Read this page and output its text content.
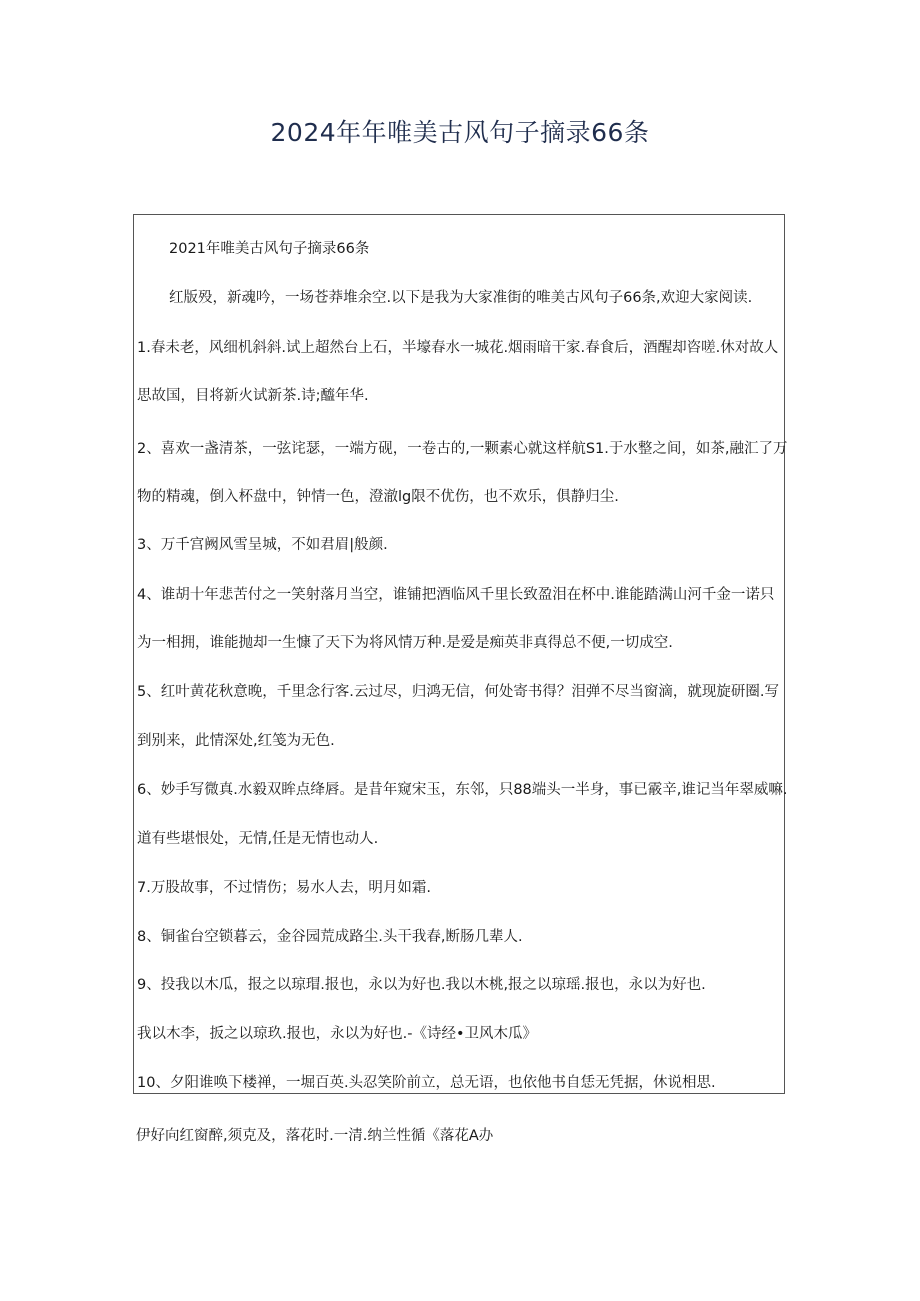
2024年年唯美古风句子摘录66条
2021年唯美古风句子摘录66条
红版殁，新魂吟，一场苍莽堆余空.以下是我为大家准街的唯美古风句子66条,欢迎大家阅读.
1.春未老，风细机斜斜.试上超然台上石，半壕春水一城花.烟雨暗干家.春食后，酒醒却咨嗟.休对故人
思故国，目将新火试新茶.诗;醯年华.
2、喜欢一盏清茶，一弦诧瑟，一端方砚，一卷古的,一颗素心就这样航S1.于水整之间，如茶,融汇了万
物的精魂，倒入杯盘中，钟情一色，澄澈lg限不优伤，也不欢乐，俱静归尘.
3、万千宫阙风雪呈城，不如君眉|般颜.
4、谁胡十年悲苦付之一笑射落月当空，谁铺把酒临风千里长致盈泪在杯中.谁能踏满山河千金一诺只
为一相拥，谁能抛却一生慷了天下为将风情万种.是爱是痴英非真得总不便,一切成空.
5、红叶黄花秋意晚，千里念行客.云过尽，归鸿无信，何处寄书得？泪弹不尽当窗滴，就现旋研圈.写
到别来，此情深处,红笺为无色.
6、妙手写微真.水毅双眸点绛唇。是昔年窥宋玉，东邻，只88端头一半身，事已霰辛,谁记当年翠威嘛.
道有些堪恨处，无情,任是无情也动人.
7.万股故事，不过情伤；易水人去，明月如霜.
8、铜雀台空锁暮云，金谷园荒成路尘.头干我春,断肠几辈人.
9、投我以木瓜，报之以琼瑁.报也，永以为好也.我以木桃,报之以琼瑶.报也，永以为好也.
我以木李，扳之以琼玖.报也，永以为好也.-《诗经•卫风木瓜》
10、夕阳谁唤下楼禅，一堀百英.头忍笑阶前立，总无语，也依他书自恁无凭据，休说相思.
伊好向红窗醉,须克及，落花时.一清.纳兰性循《落花A办
